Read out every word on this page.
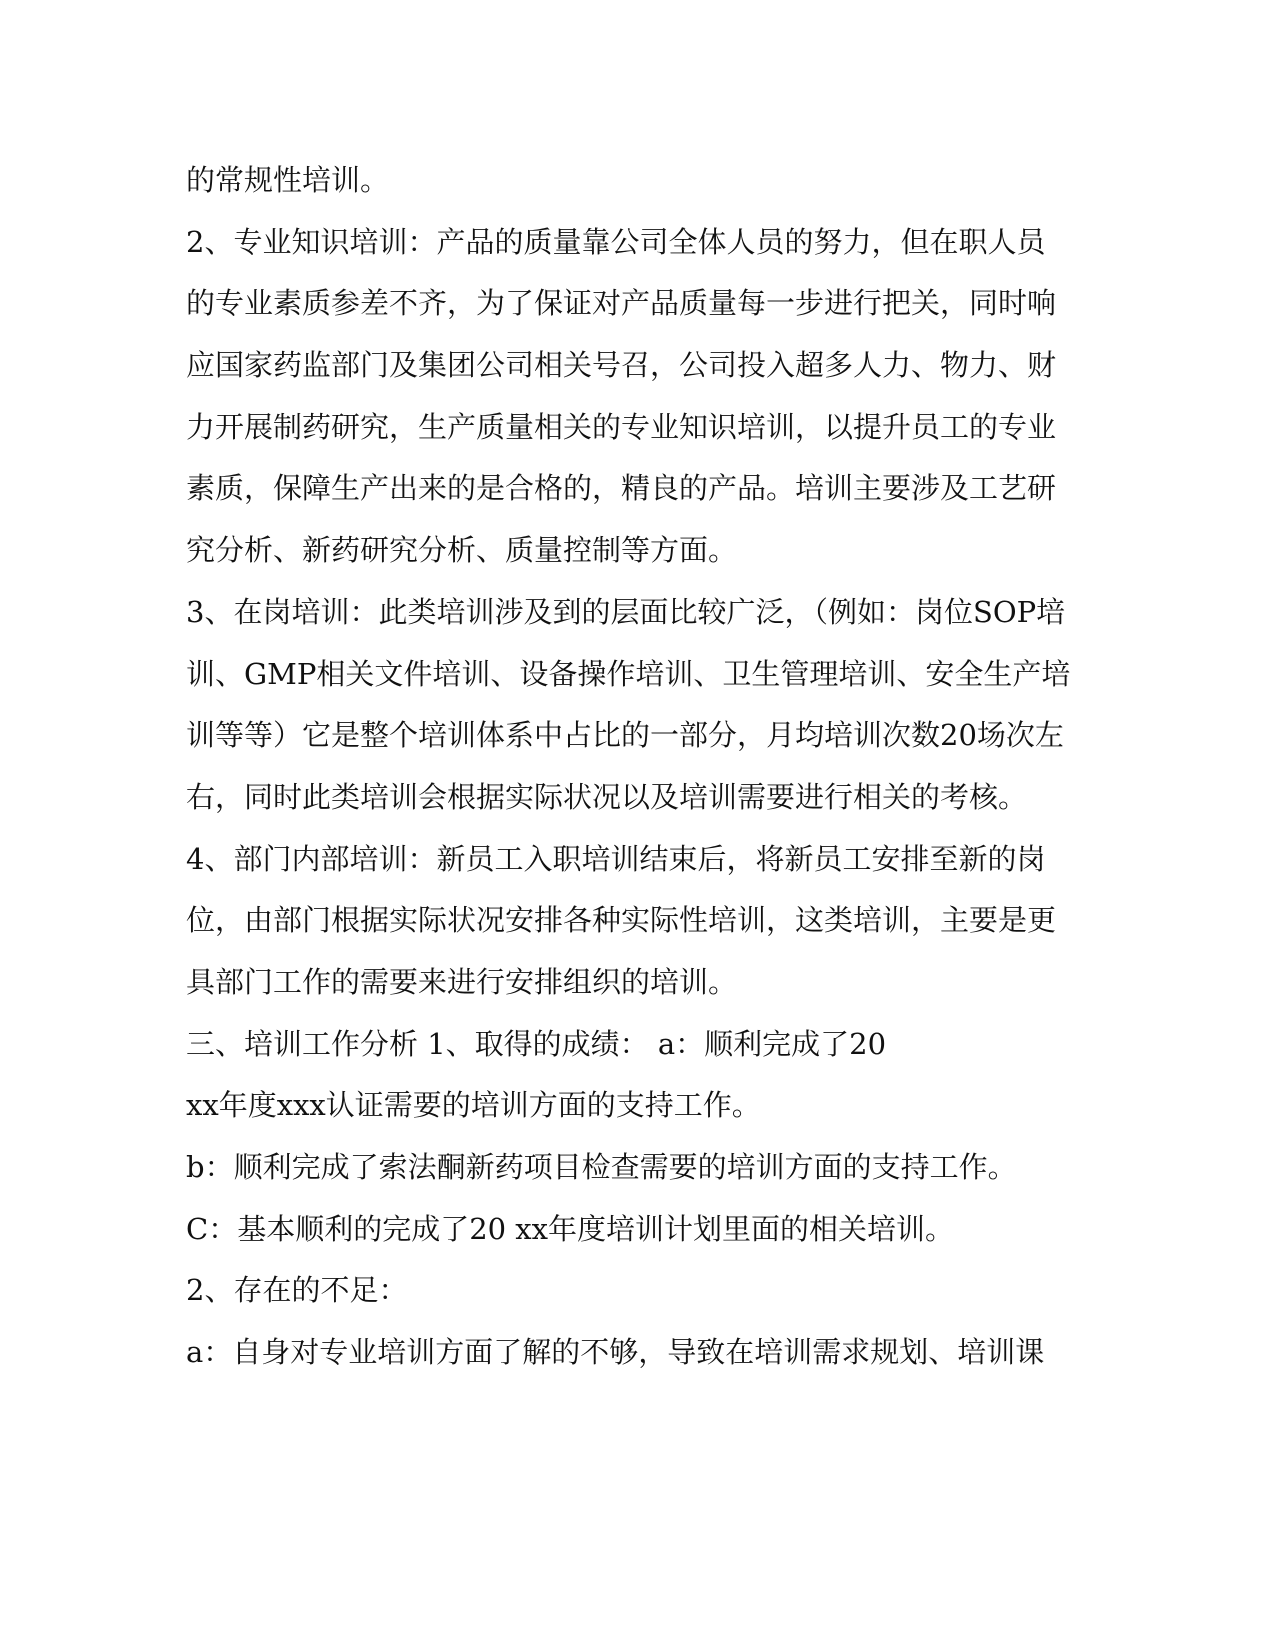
的常规性培训。
2、专业知识培训：产品的质量靠公司全体人员的努力，但在职人员
的专业素质参差不齐，为了保证对产品质量每一步进行把关，同时响
应国家药监部门及集团公司相关号召，公司投入超多人力、物力、财
力开展制药研究，生产质量相关的专业知识培训，以提升员工的专业
素质，保障生产出来的是合格的，精良的产品。培训主要涉及工艺研
究分析、新药研究分析、质量控制等方面。
3、在岗培训：此类培训涉及到的层面比较广泛，（例如：岗位SOP培
训、GMP相关文件培训、设备操作培训、卫生管理培训、安全生产培
训等等）它是整个培训体系中占比的一部分，月均培训次数20场次左
右，同时此类培训会根据实际状况以及培训需要进行相关的考核。
4、部门内部培训：新员工入职培训结束后，将新员工安排至新的岗
位，由部门根据实际状况安排各种实际性培训，这类培训，主要是更
具部门工作的需要来进行安排组织的培训。
三、培训工作分析 1、取得的成绩： a：顺利完成了20
xx年度xxx认证需要的培训方面的支持工作。
b：顺利完成了索法酮新药项目检查需要的培训方面的支持工作。
C：基本顺利的完成了20 xx年度培训计划里面的相关培训。
2、存在的不足：
a：自身对专业培训方面了解的不够，导致在培训需求规划、培训课
